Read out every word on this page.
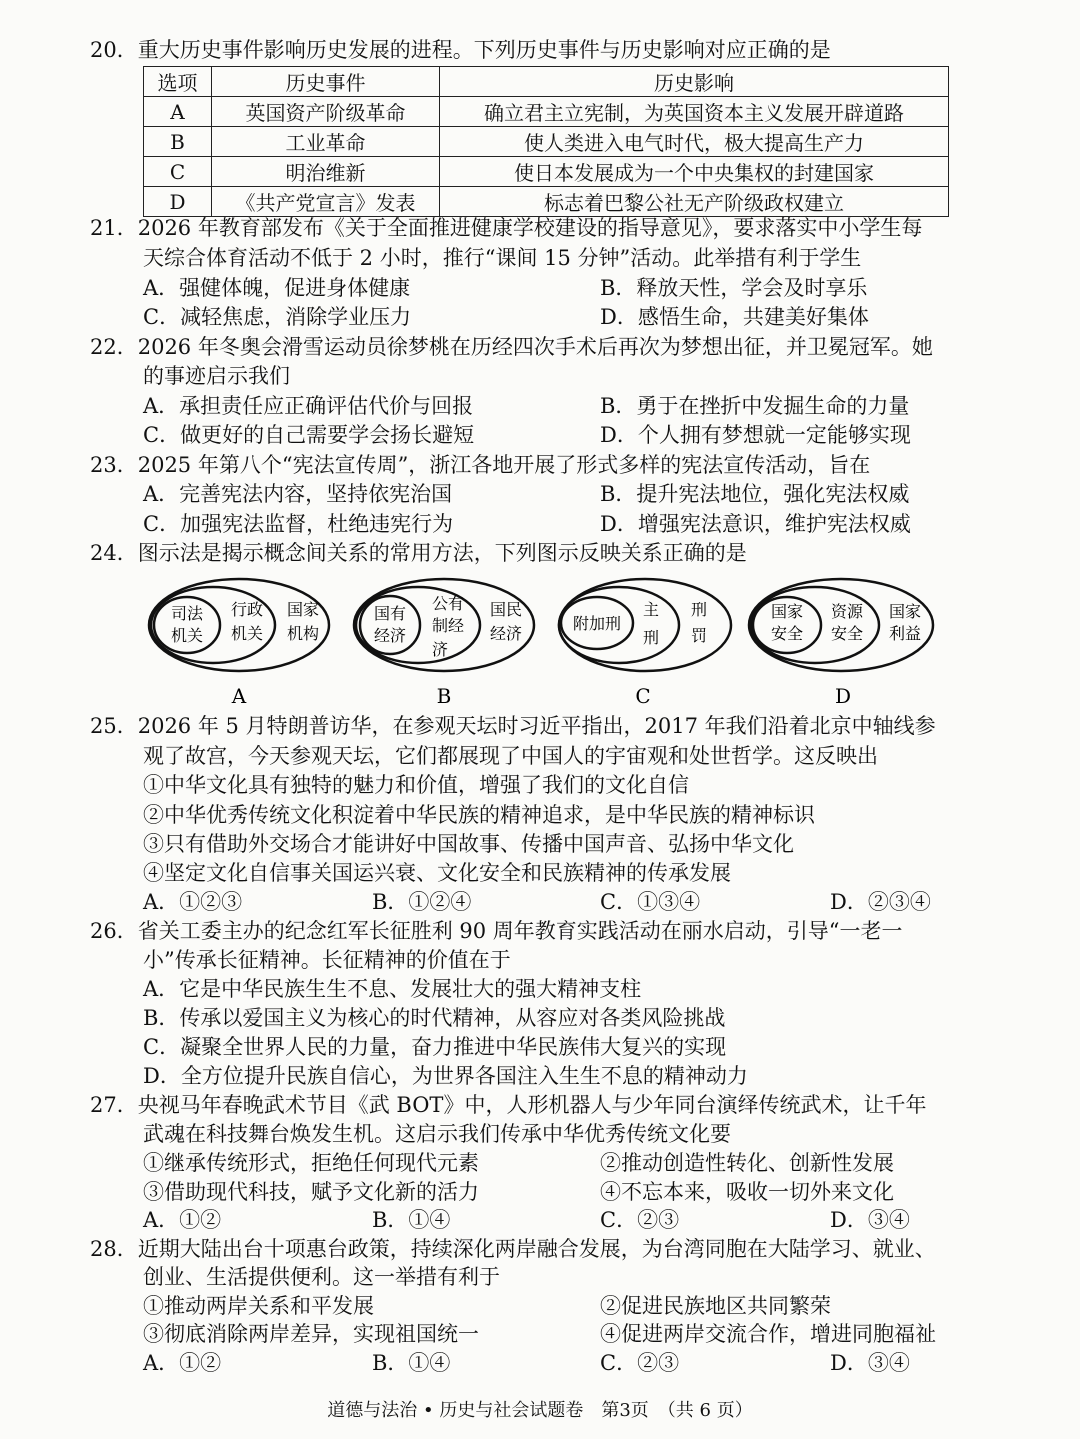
20．重大历史事件影响历史发展的进程。下列历史事件与历史影响对应正确的是
选项	历史事件	历史影响
A	英国资产阶级革命	确立君主立宪制，为英国资本主义发展开辟道路
B	工业革命	使人类进入电气时代，极大提高生产力
C	明治维新	使日本发展成为一个中央集权的封建国家
D	《共产党宣言》发表	标志着巴黎公社无产阶级政权建立
21．2026 年教育部发布《关于全面推进健康学校建设的指导意见》，要求落实中小学生每
天综合体育活动不低于 2 小时，推行“课间 15 分钟”活动。此举措有利于学生
A．强健体魄，促进身体健康	B．释放天性，学会及时享乐
C．减轻焦虑，消除学业压力	D．感悟生命，共建美好集体
22．2026 年冬奥会滑雪运动员徐梦桃在历经四次手术后再次为梦想出征，并卫冕冠军。她
的事迹启示我们
A．承担责任应正确评估代价与回报	B．勇于在挫折中发掘生命的力量
C．做更好的自己需要学会扬长避短	D．个人拥有梦想就一定能够实现
23．2025 年第八个“宪法宣传周”，浙江各地开展了形式多样的宪法宣传活动，旨在
A．完善宪法内容，坚持依宪治国	B．提升宪法地位，强化宪法权威
C．加强宪法监督，杜绝违宪行为	D．增强宪法意识，维护宪法权威
24．图示法是揭示概念间关系的常用方法，下列图示反映关系正确的是
司法
机关
行政
机关
国家
机构
A
国有
经济
公有
制经
济
国民
经济
B
附加刑
主
刑
刑
罚
C
国家
安全
资源
安全
国家
利益
D
25．2026 年 5 月特朗普访华，在参观天坛时习近平指出，2017 年我们沿着北京中轴线参
观了故宫，今天参观天坛，它们都展现了中国人的宇宙观和处世哲学。这反映出
①中华文化具有独特的魅力和价值，增强了我们的文化自信
②中华优秀传统文化积淀着中华民族的精神追求，是中华民族的精神标识
③只有借助外交场合才能讲好中国故事、传播中国声音、弘扬中华文化
④坚定文化自信事关国运兴衰、文化安全和民族精神的传承发展
A．①②③	B．①②④	C．①③④	D．②③④
26．省关工委主办的纪念红军长征胜利 90 周年教育实践活动在丽水启动，引导“一老一
小”传承长征精神。长征精神的价值在于
A．它是中华民族生生不息、发展壮大的强大精神支柱
B．传承以爱国主义为核心的时代精神，从容应对各类风险挑战
C．凝聚全世界人民的力量，奋力推进中华民族伟大复兴的实现
D．全方位提升民族自信心，为世界各国注入生生不息的精神动力
27．央视马年春晚武术节目《武 BOT》中，人形机器人与少年同台演绎传统武术，让千年
武魂在科技舞台焕发生机。这启示我们传承中华优秀传统文化要
①继承传统形式，拒绝任何现代元素	②推动创造性转化、创新性发展
③借助现代科技，赋予文化新的活力	④不忘本来，吸收一切外来文化
A．①②	B．①④	C．②③	D．③④
28．近期大陆出台十项惠台政策，持续深化两岸融合发展，为台湾同胞在大陆学习、就业、
创业、生活提供便利。这一举措有利于
①推动两岸关系和平发展	②促进民族地区共同繁荣
③彻底消除两岸差异，实现祖国统一	④促进两岸交流合作，增进同胞福祉
A．①②	B．①④	C．②③	D．③④
道德与法治 • 历史与社会试题卷　第3页　（共 6 页）
